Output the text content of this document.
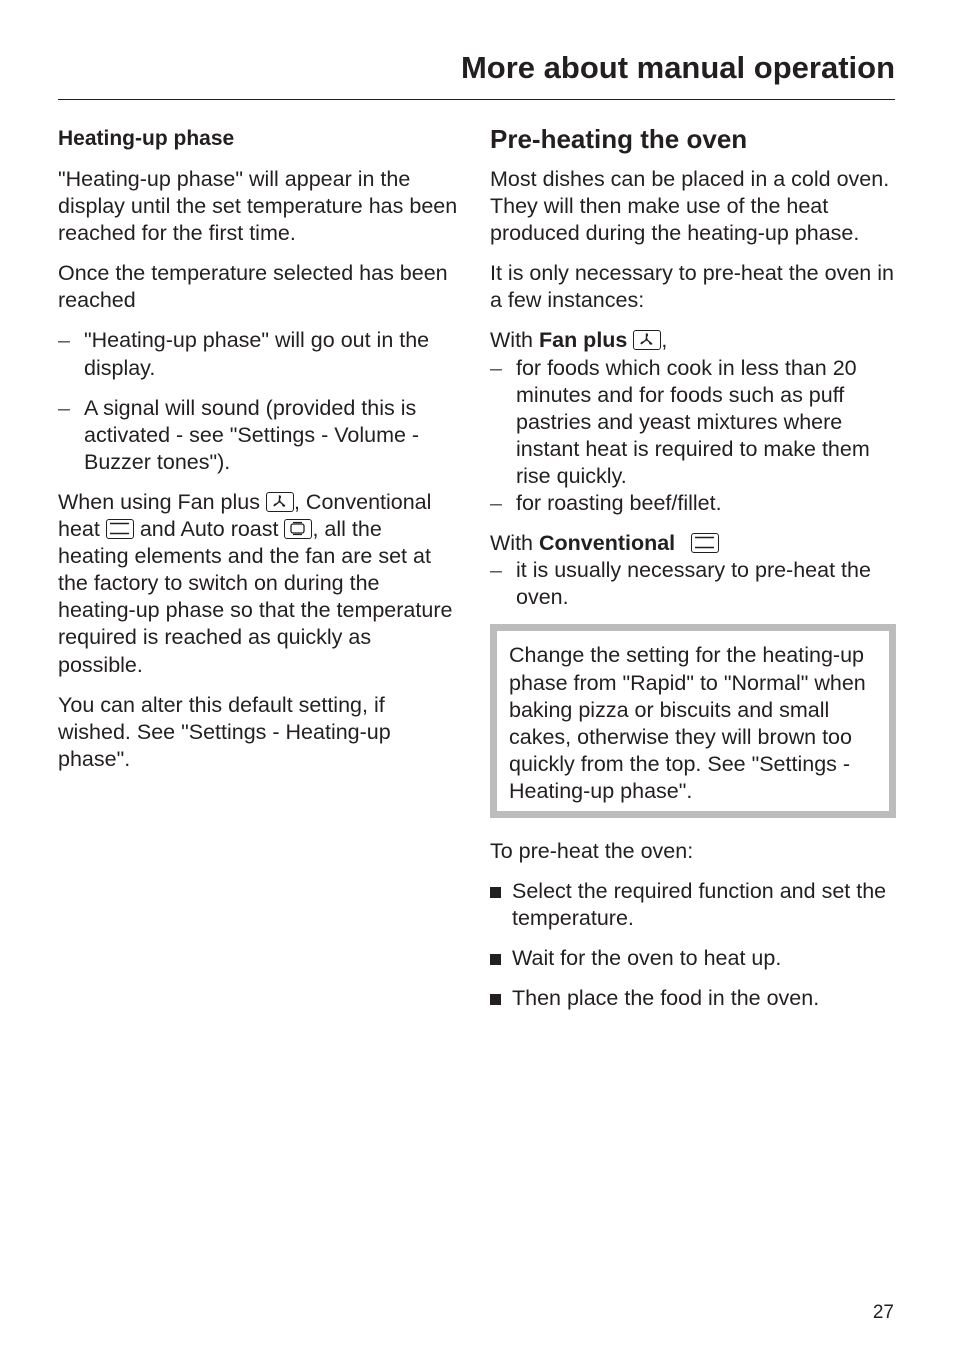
More about manual operation
Heating-up phase

"Heating-up phase" will appear in the display until the set temperature has been reached for the first time.

Once the temperature selected has been reached

– "Heating-up phase" will go out in the display.
– A signal will sound (provided this is activated - see "Settings - Volume - Buzzer tones").

When using Fan plus , Conventional heat and Auto roast , all the heating elements and the fan are set at the factory to switch on during the heating-up phase so that the temperature required is reached as quickly as possible.

You can alter this default setting, if wished. See "Settings - Heating-up phase".

Pre-heating the oven

Most dishes can be placed in a cold oven. They will then make use of the heat produced during the heating-up phase.

It is only necessary to pre-heat the oven in a few instances:

With Fan plus ,

– for foods which cook in less than 20 minutes and for foods such as puff pastries and yeast mixtures where instant heat is required to make them rise quickly.
– for roasting beef/fillet.

With Conventional

– it is usually necessary to pre-heat the oven.

Change the setting for the heating-up phase from "Rapid" to "Normal" when baking pizza or biscuits and small cakes, otherwise they will brown too quickly from the top. See "Settings - Heating-up phase".

To pre-heat the oven:

Select the required function and set the temperature.
Wait for the oven to heat up.
Then place the food in the oven.
27
